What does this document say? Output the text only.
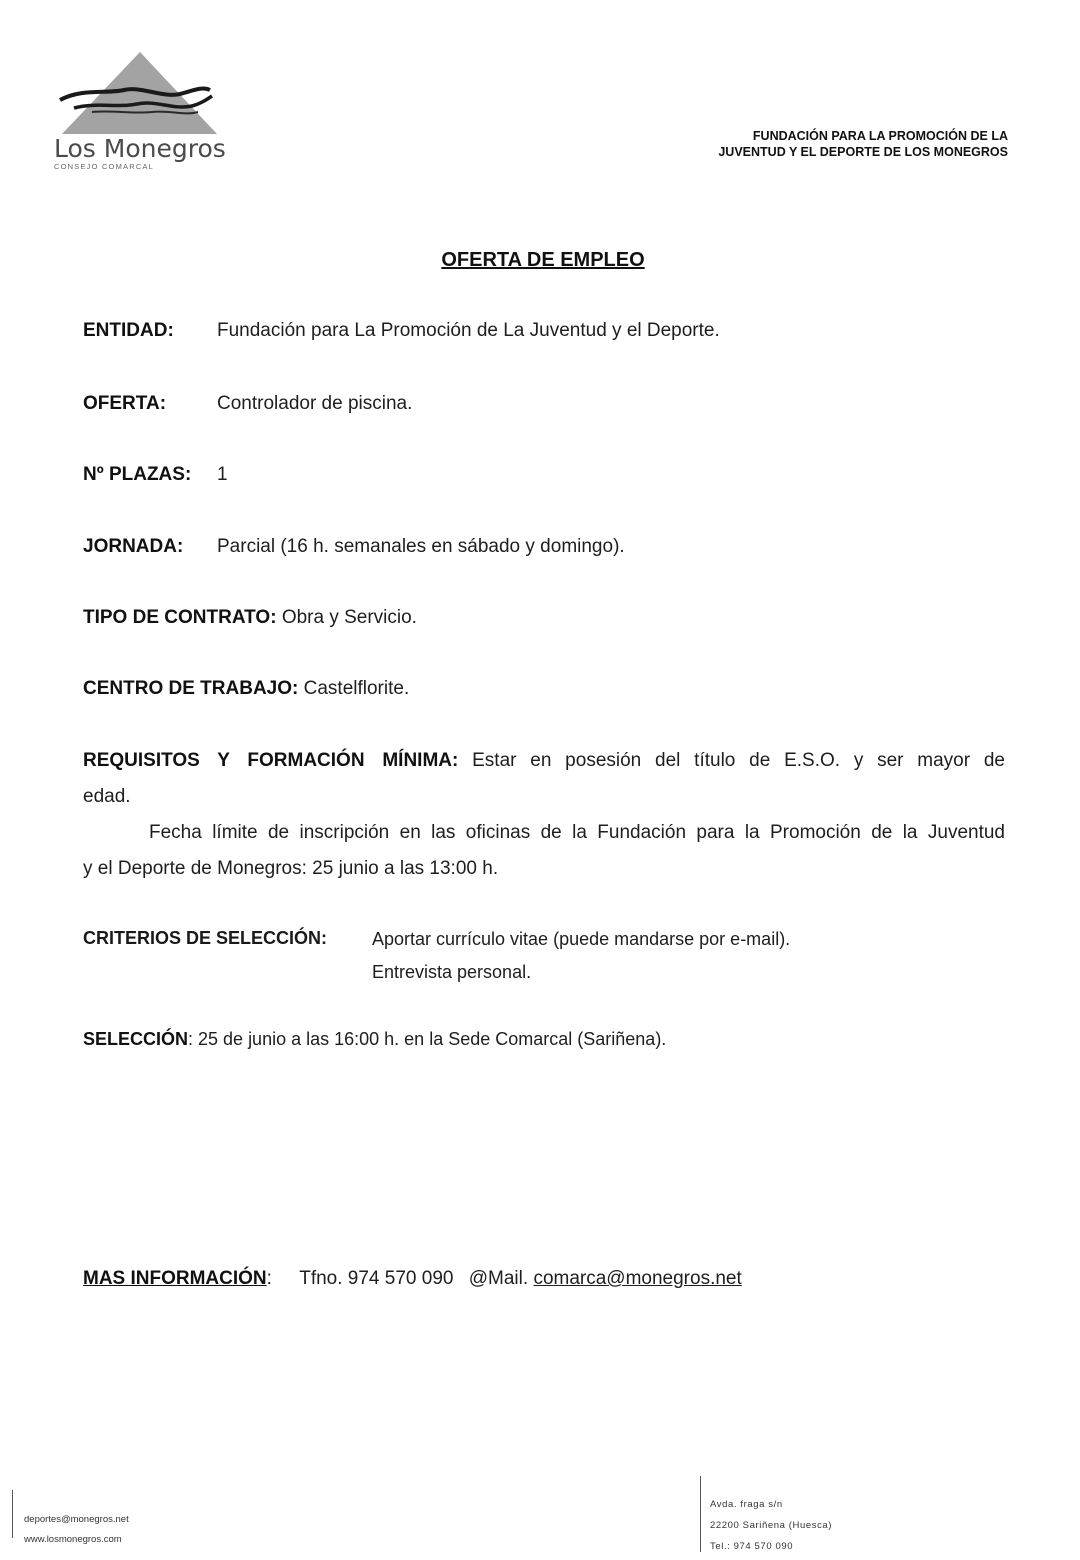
Los Monegros
CONSEJO COMARCAL
FUNDACIÓN PARA LA PROMOCIÓN DE LA
JUVENTUD Y EL DEPORTE DE LOS MONEGROS
OFERTA DE EMPLEO
ENTIDAD: Fundación para La Promoción de La Juventud y el Deporte.
OFERTA:	Controlador de piscina.
Nº PLAZAS: 1
JORNADA: Parcial (16 h. semanales en sábado y domingo).
TIPO DE CONTRATO: Obra y Servicio.
CENTRO DE TRABAJO: Castelflorite.
REQUISITOS Y FORMACIÓN MÍNIMA: Estar en posesión del título de E.S.O. y ser mayor de
edad.
Fecha límite de inscripción en las oficinas de la Fundación para la Promoción de la Juventud
y el Deporte de Monegros: 25 junio a las 13:00 h.
CRITERIOS DE SELECCIÓN: Aportar currículo vitae (puede mandarse por e-mail).
Entrevista personal.
SELECCIÓN: 25 de junio a las 16:00 h. en la Sede Comarcal (Sariñena).
MAS INFORMACIÓN: Tfno. 974 570 090 @Mail. comarca@monegros.net
deportes@monegros.net
www.losmonegros.com
Avda. fraga s/n
22200 Sariñena (Huesca)
Tel.: 974 570 090
